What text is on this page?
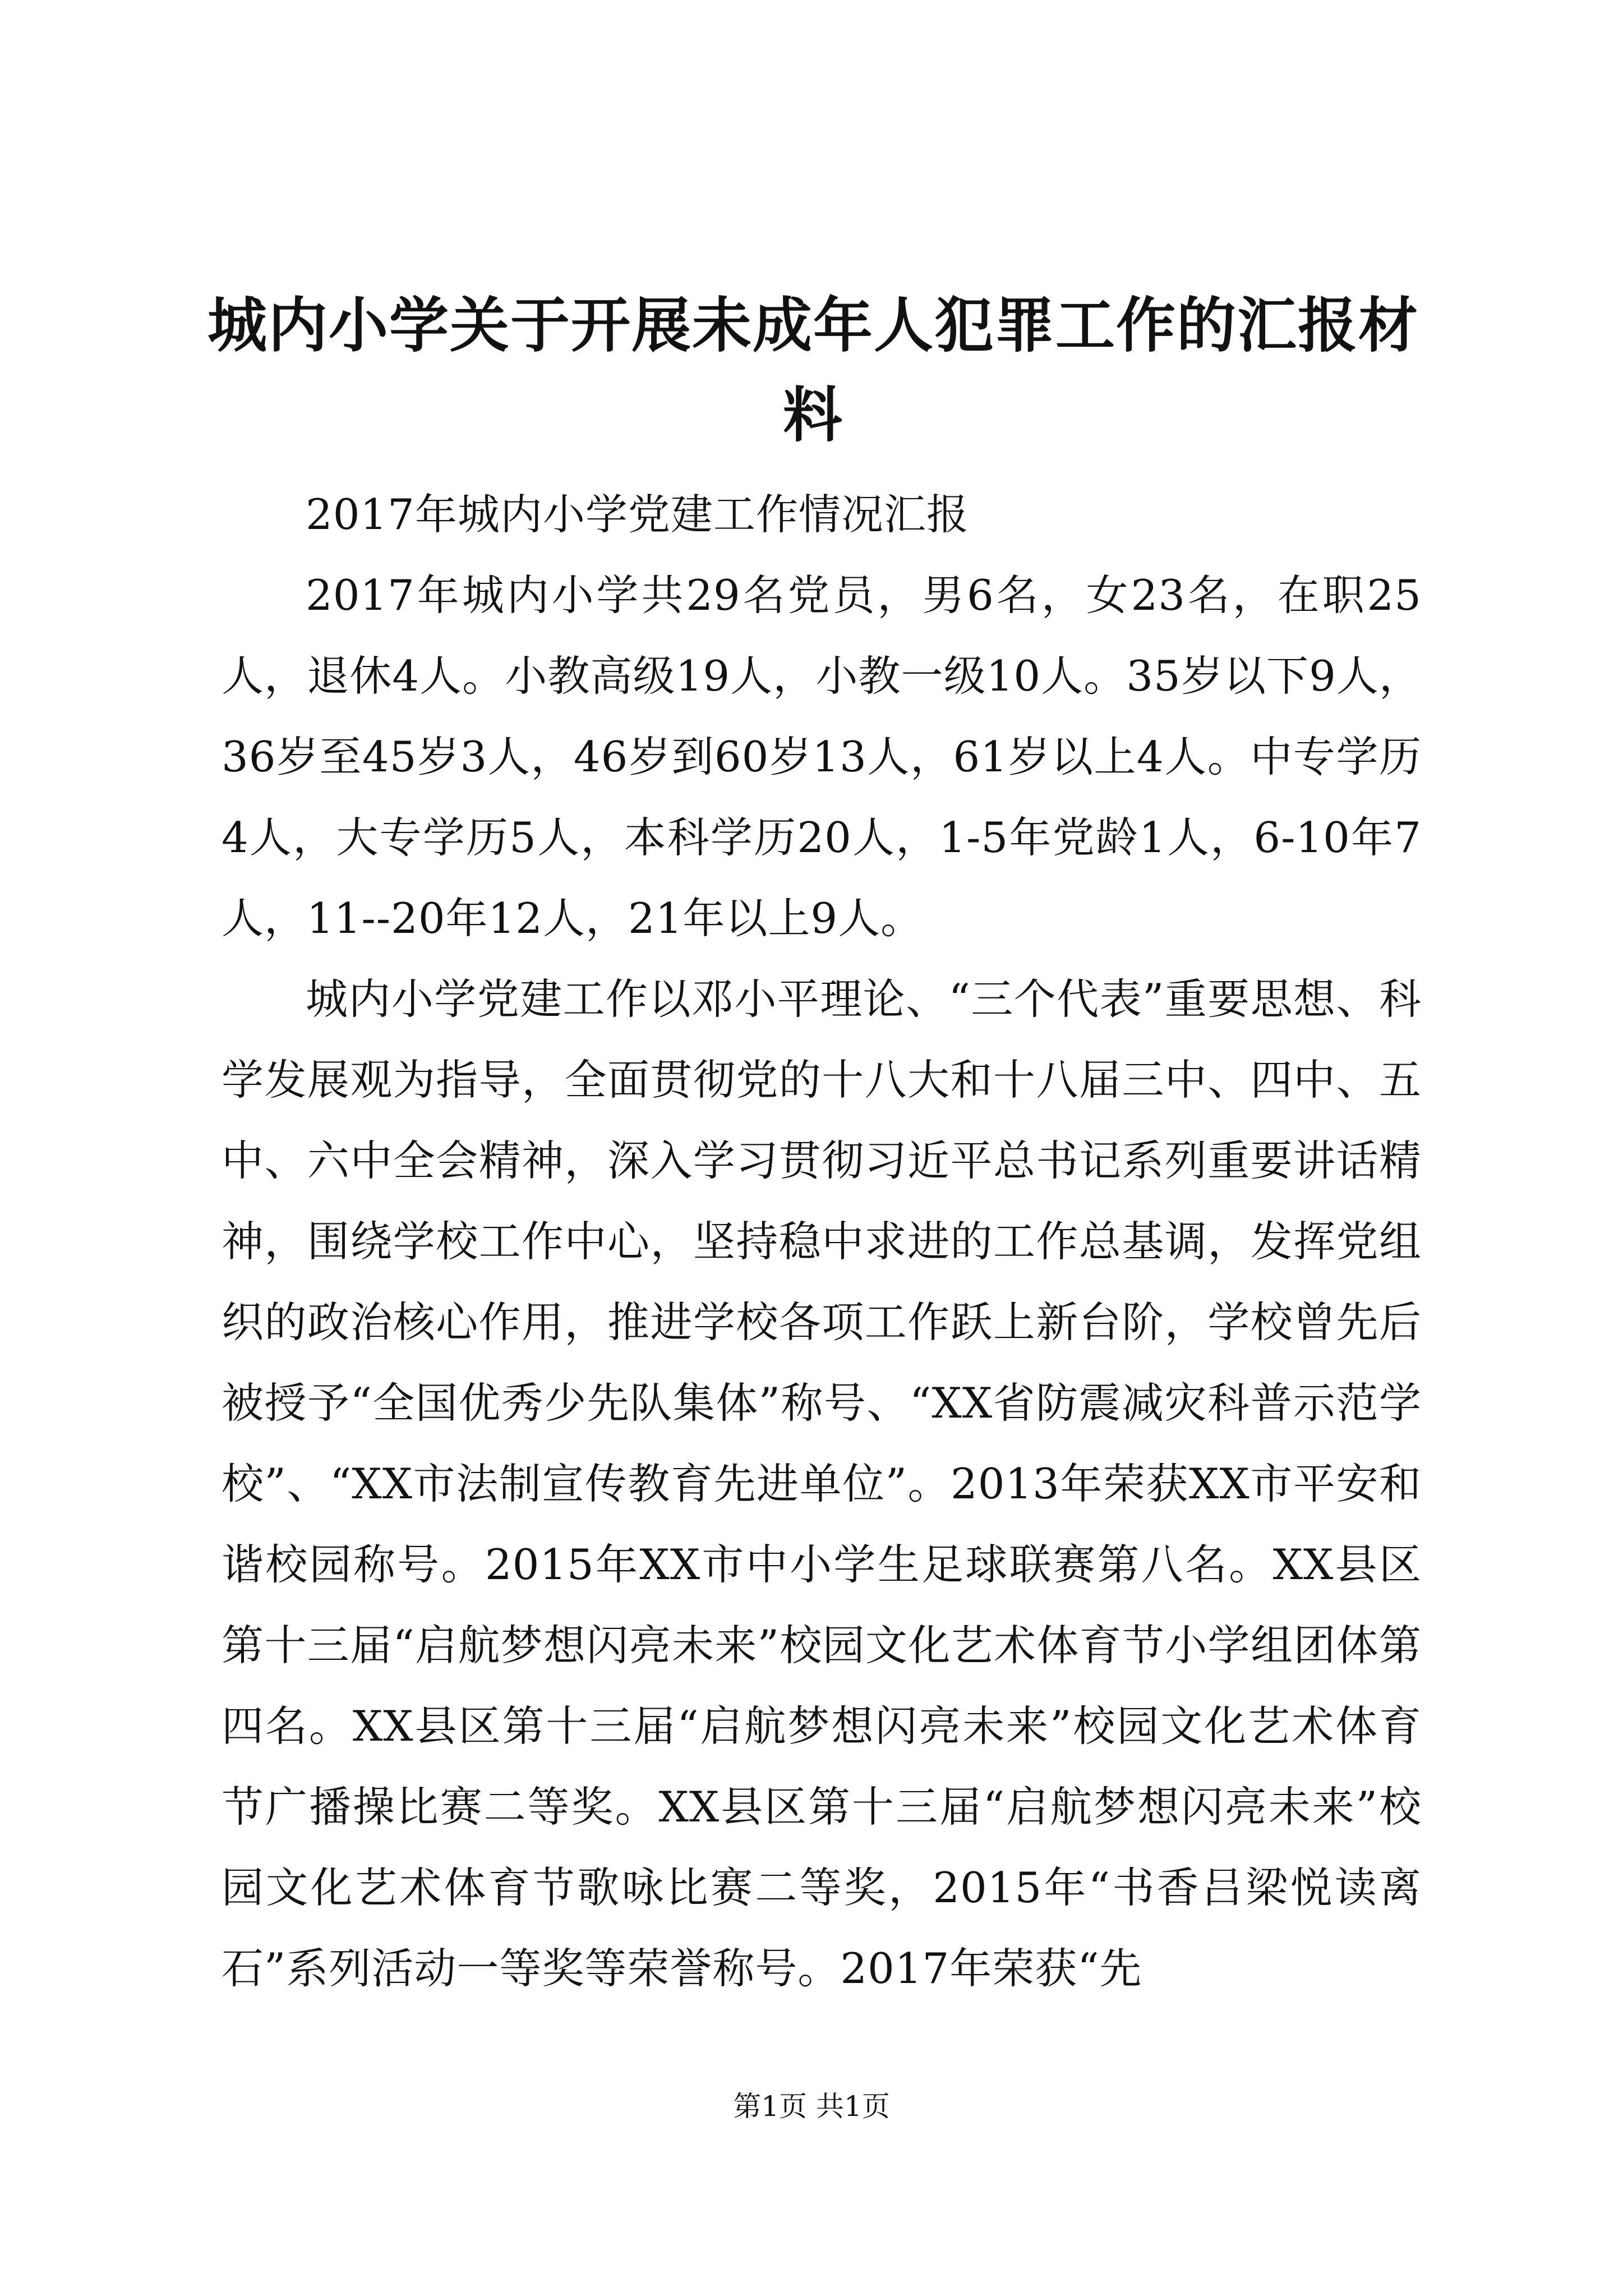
城内小学关于开展未成年人犯罪工作的汇报材料

2017年城内小学党建工作情况汇报

2017年城内小学共29名党员，男6名，女23名，在职25人，退休4人。小教高级19人，小教一级10人。35岁以下9人，36岁至45岁3人，46岁到60岁13人，61岁以上4人。中专学历4人，大专学历5人，本科学历20人，1-5年党龄1人，6-10年7人，11--20年12人，21年以上9人。

城内小学党建工作以邓小平理论、“三个代表”重要思想、科学发展观为指导，全面贯彻党的十八大和十八届三中、四中、五中、六中全会精神，深入学习贯彻习近平总书记系列重要讲话精神，围绕学校工作中心，坚持稳中求进的工作总基调，发挥党组织的政治核心作用，推进学校各项工作跃上新台阶，学校曾先后被授予“全国优秀少先队集体”称号、“XX省防震减灾科普示范学校”、“XX市法制宣传教育先进单位”。2013年荣获XX市平安和谐校园称号。2015年XX市中小学生足球联赛第八名。XX县区第十三届“启航梦想闪亮未来”校园文化艺术体育节小学组团体第四名。XX县区第十三届“启航梦想闪亮未来”校园文化艺术体育节广播操比赛二等奖。XX县区第十三届“启航梦想闪亮未来”校园文化艺术体育节歌咏比赛二等奖，2015年“书香吕梁悦读离石”系列活动一等奖等荣誉称号。2017年荣获“先

第1页 共1页
